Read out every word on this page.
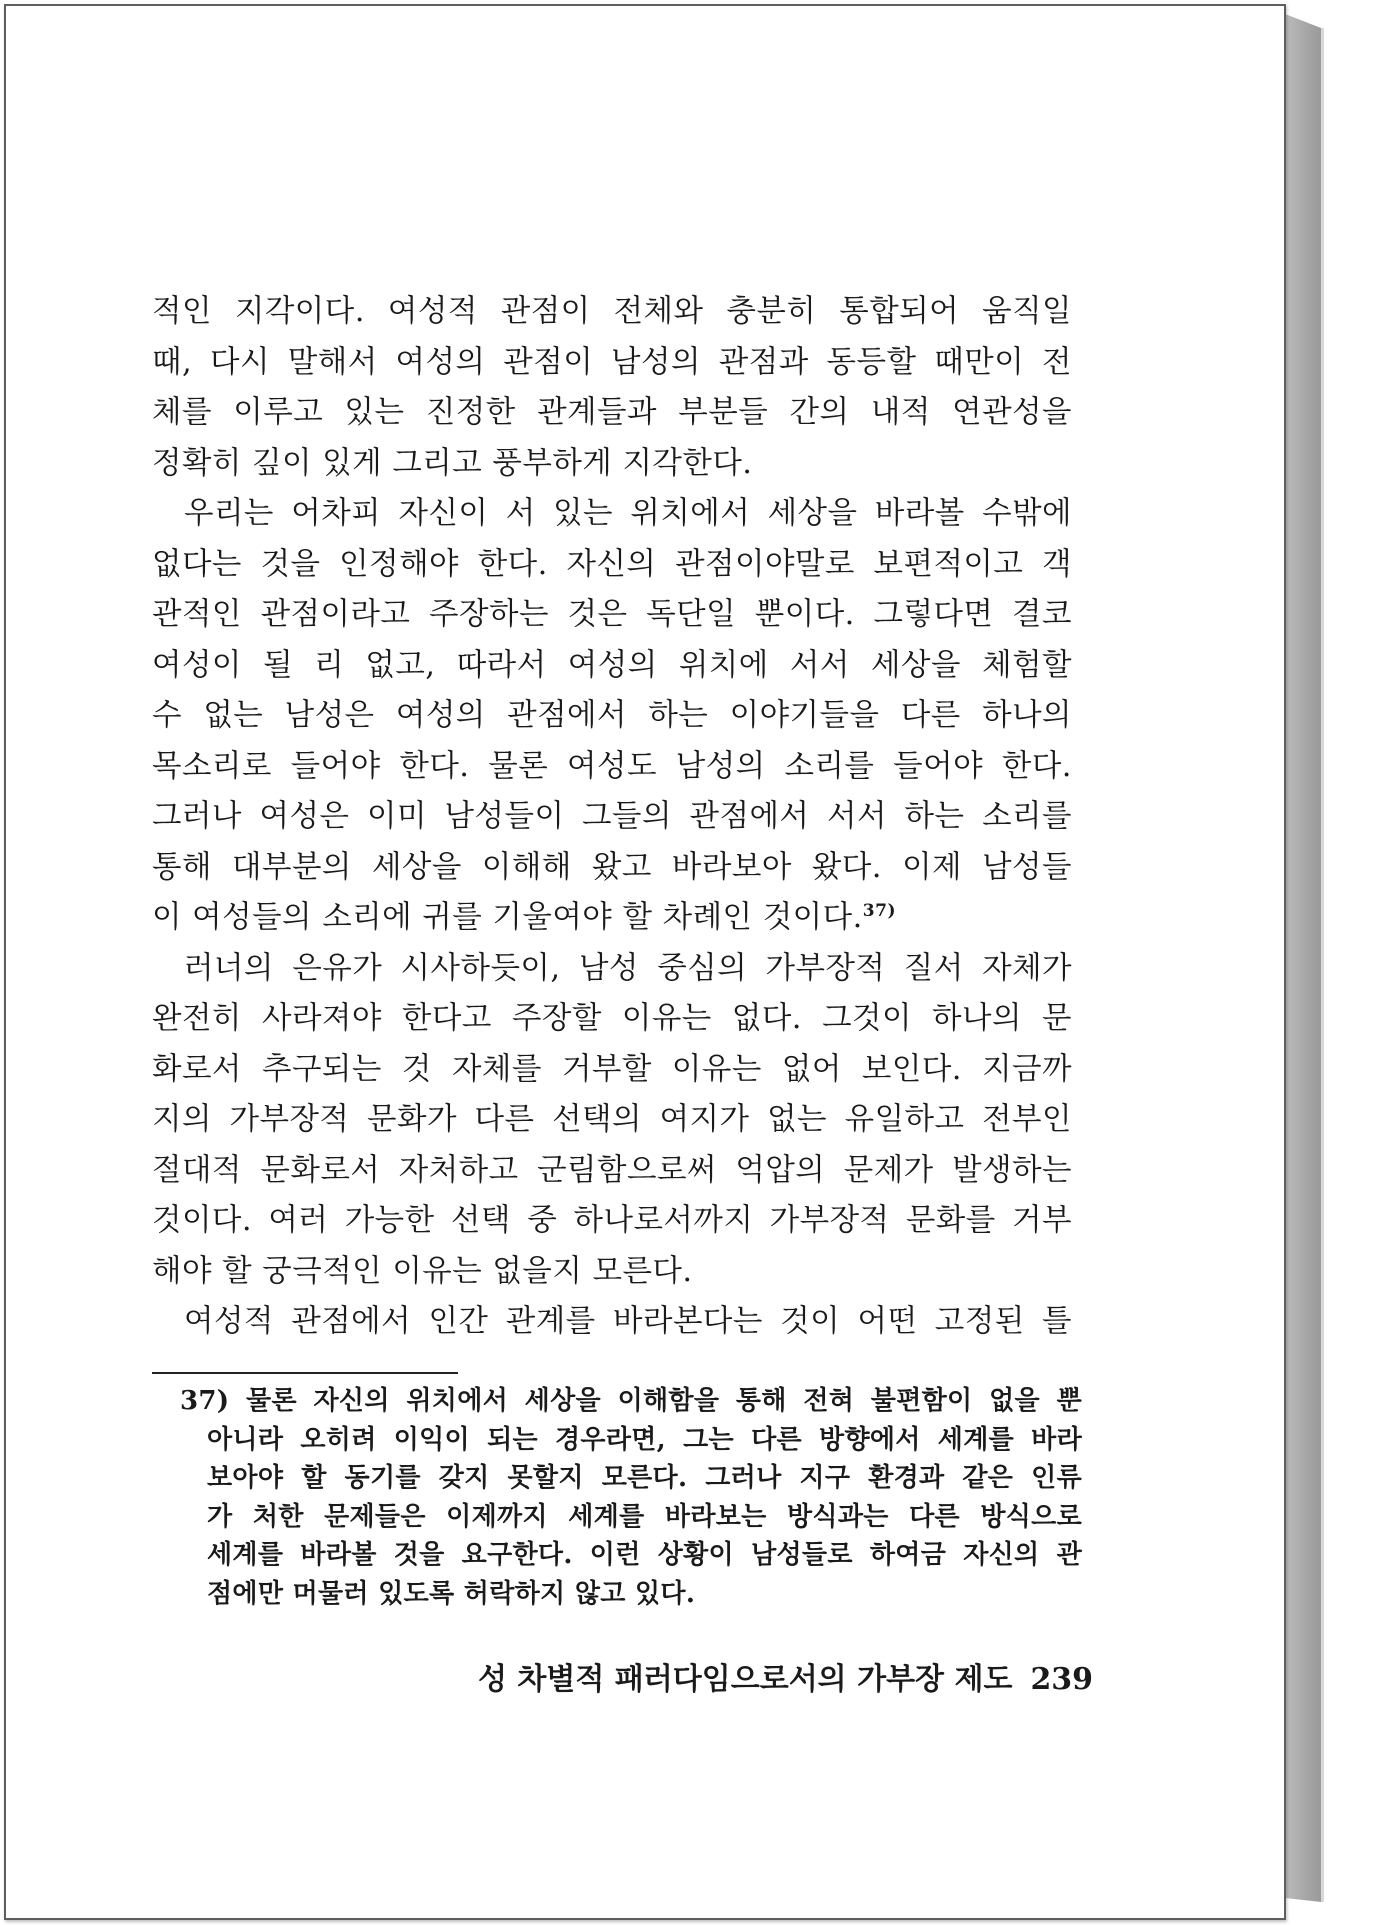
적인 지각이다. 여성적 관점이 전체와 충분히 통합되어 움직일
때, 다시 말해서 여성의 관점이 남성의 관점과 동등할 때만이 전
체를 이루고 있는 진정한 관계들과 부분들 간의 내적 연관성을
정확히 깊이 있게 그리고 풍부하게 지각한다.
우리는 어차피 자신이 서 있는 위치에서 세상을 바라볼 수밖에
없다는 것을 인정해야 한다. 자신의 관점이야말로 보편적이고 객
관적인 관점이라고 주장하는 것은 독단일 뿐이다. 그렇다면 결코
여성이 될 리 없고, 따라서 여성의 위치에 서서 세상을 체험할
수 없는 남성은 여성의 관점에서 하는 이야기들을 다른 하나의
목소리로 들어야 한다. 물론 여성도 남성의 소리를 들어야 한다.
그러나 여성은 이미 남성들이 그들의 관점에서 서서 하는 소리를
통해 대부분의 세상을 이해해 왔고 바라보아 왔다. 이제 남성들
이 여성들의 소리에 귀를 기울여야 할 차례인 것이다.$^{37)}$
러너의 은유가 시사하듯이, 남성 중심의 가부장적 질서 자체가
완전히 사라져야 한다고 주장할 이유는 없다. 그것이 하나의 문
화로서 추구되는 것 자체를 거부할 이유는 없어 보인다. 지금까
지의 가부장적 문화가 다른 선택의 여지가 없는 유일하고 전부인
절대적 문화로서 자처하고 군림함으로써 억압의 문제가 발생하는
것이다. 여러 가능한 선택 중 하나로서까지 가부장적 문화를 거부
해야 할 궁극적인 이유는 없을지 모른다.
여성적 관점에서 인간 관계를 바라본다는 것이 어떤 고정된 틀
37) 물론 자신의 위치에서 세상을 이해함을 통해 전혀 불편함이 없을 뿐
아니라 오히려 이익이 되는 경우라면, 그는 다른 방향에서 세계를 바라
보아야 할 동기를 갖지 못할지 모른다. 그러나 지구 환경과 같은 인류
가 처한 문제들은 이제까지 세계를 바라보는 방식과는 다른 방식으로
세계를 바라볼 것을 요구한다. 이런 상황이 남성들로 하여금 자신의 관
점에만 머물러 있도록 허락하지 않고 있다.
성 차별적 패러다임으로서의 가부장 제도 239
